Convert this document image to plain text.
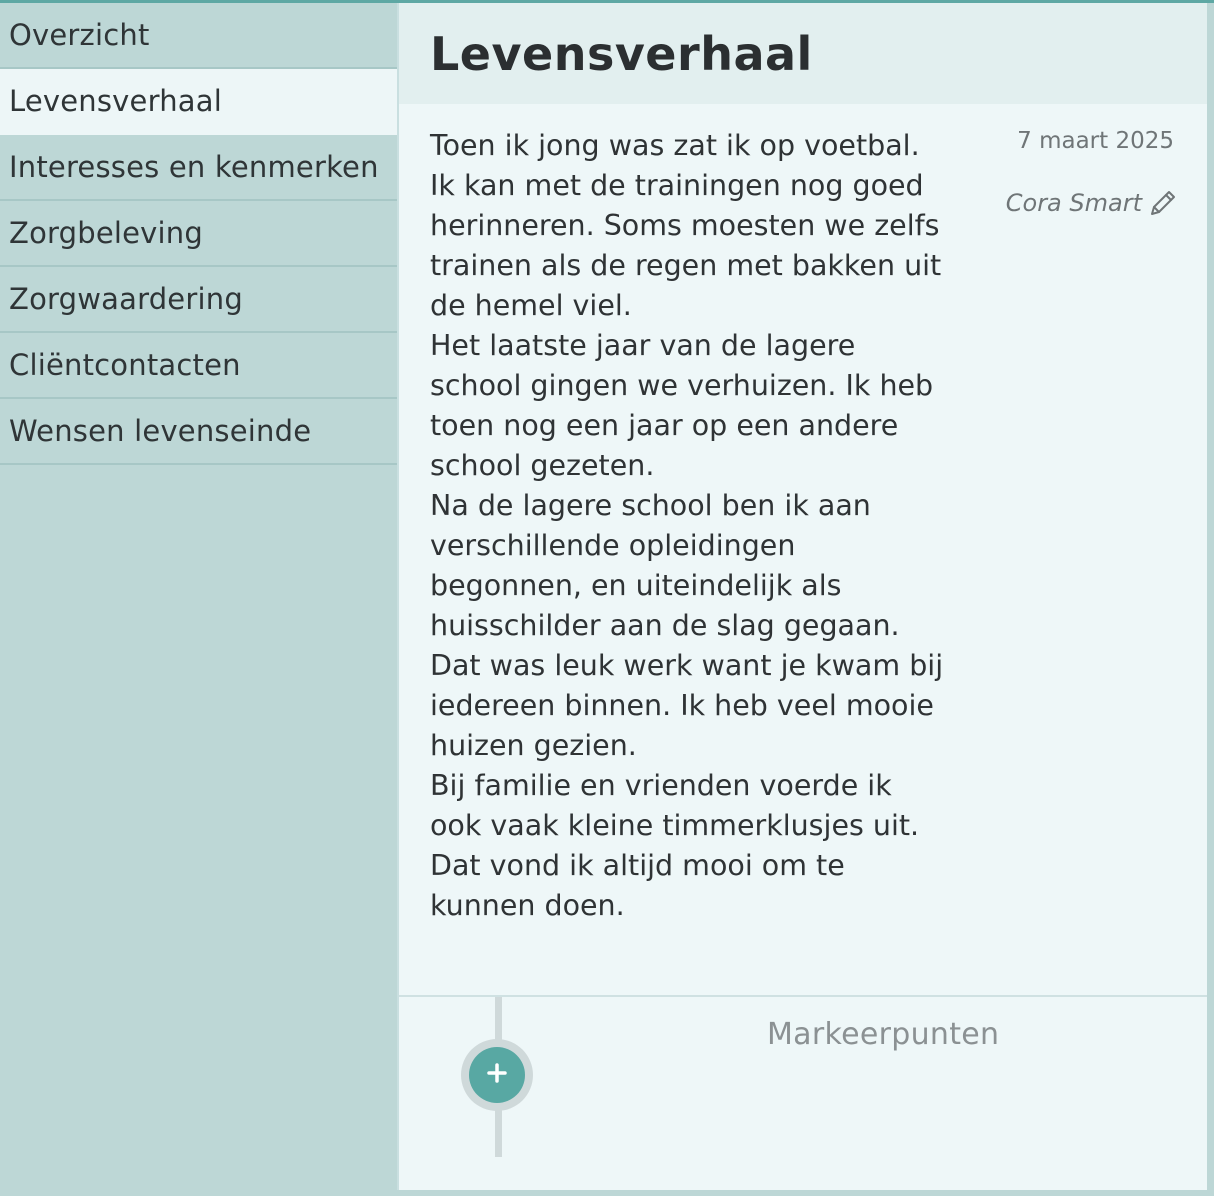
Overzicht
Levensverhaal
Interesses en kenmerken
Zorgbeleving
Zorgwaardering
Cliëntcontacten
Wensen levenseinde
Levensverhaal

Toen ik jong was zat ik op voetbal. Ik kan met de trainingen nog goed herinneren. Soms moesten we zelfs trainen als de regen met bakken uit de hemel viel.

Het laatste jaar van de lagere school gingen we verhuizen. Ik heb toen nog een jaar op een andere school gezeten.

Na de lagere school ben ik aan verschillende opleidingen begonnen, en uiteindelijk als huisschilder aan de slag gegaan. Dat was leuk werk want je kwam bij iedereen binnen. Ik heb veel mooie huizen gezien.

Bij familie en vrienden voerde ik ook vaak kleine timmerklusjes uit. Dat vond ik altijd mooi om te kunnen doen.

7 maart 2025
Cora Smart
Markeerpunten
